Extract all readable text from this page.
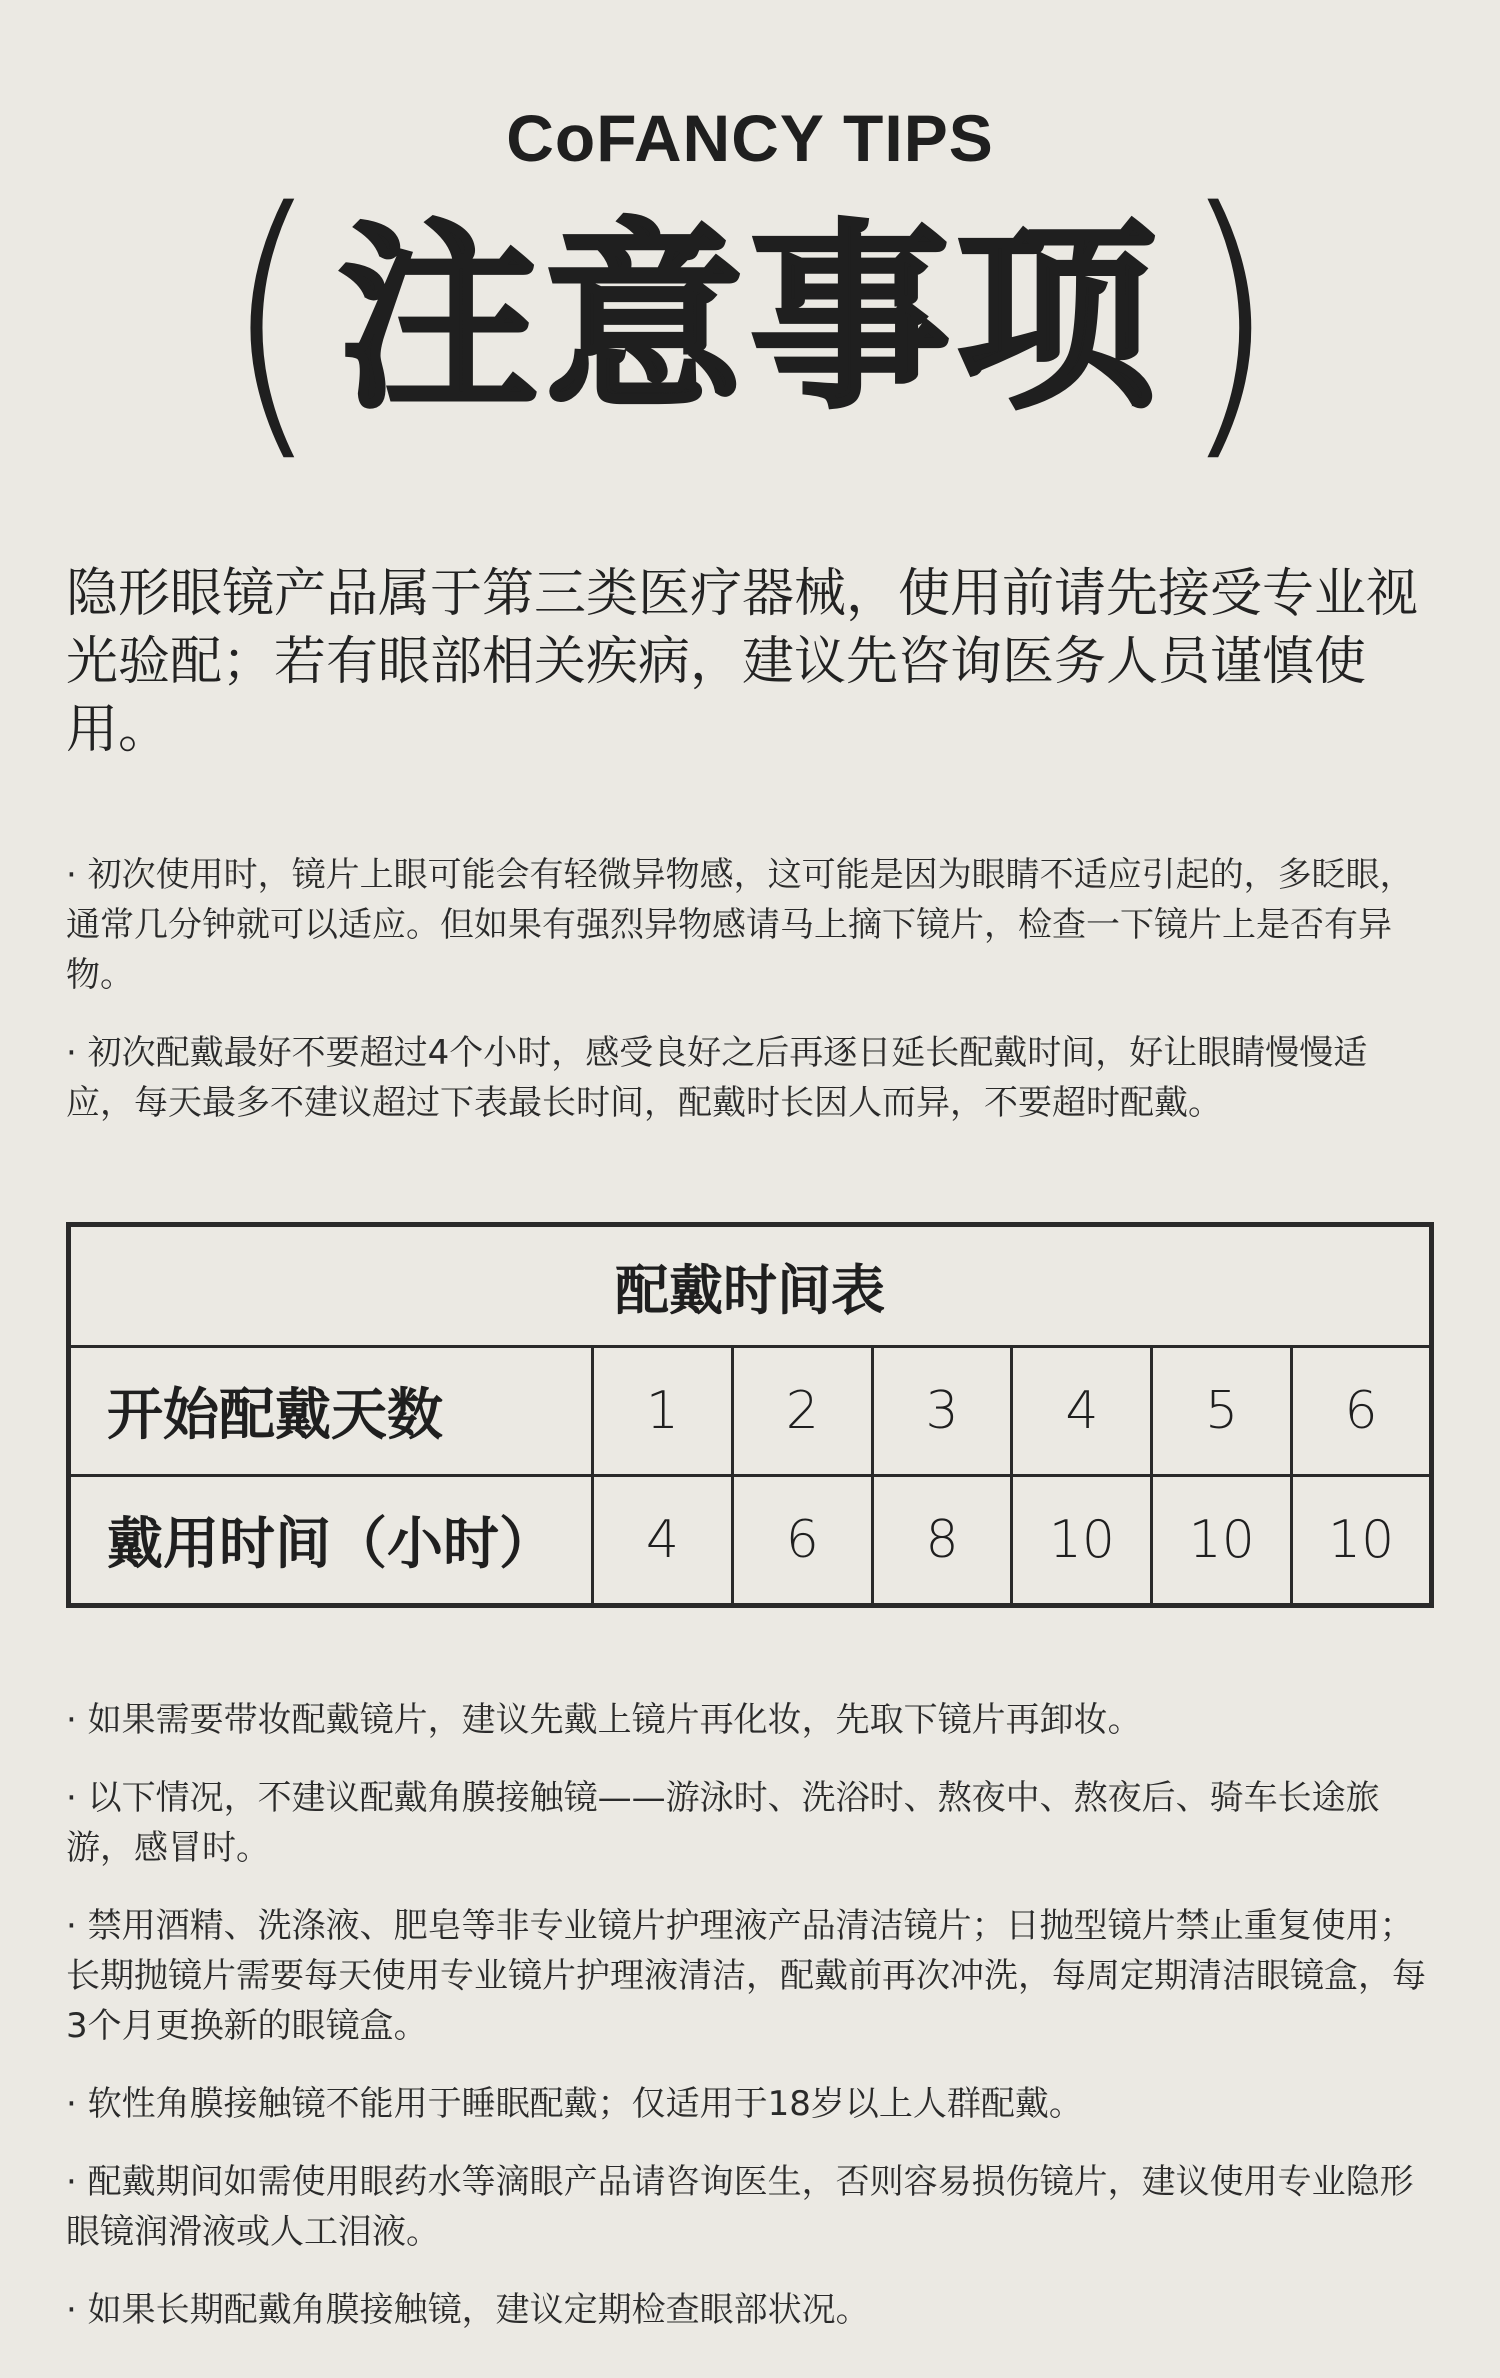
CoFANCY TIPS
( 注意事项 )
隐形眼镜产品属于第三类医疗器械，使用前请先接受专业视光验配；若有眼部相关疾病，建议先咨询医务人员谨慎使用。

· 初次使用时，镜片上眼可能会有轻微异物感，这可能是因为眼睛不适应引起的，多眨眼，通常几分钟就可以适应。但如果有强烈异物感请马上摘下镜片，检查一下镜片上是否有异物。

· 初次配戴最好不要超过4个小时，感受良好之后再逐日延长配戴时间，好让眼睛慢慢适应，每天最多不建议超过下表最长时间，配戴时长因人而异，不要超时配戴。

配戴时间表						
开始配戴天数	1	2	3	4	5	6
戴用时间（小时）	4	6	8	10	10	10

· 如果需要带妆配戴镜片，建议先戴上镜片再化妆，先取下镜片再卸妆。

· 以下情况，不建议配戴角膜接触镜——游泳时、洗浴时、熬夜中、熬夜后、骑车长途旅游，感冒时。

· 禁用酒精、洗涤液、肥皂等非专业镜片护理液产品清洁镜片；日抛型镜片禁止重复使用；长期抛镜片需要每天使用专业镜片护理液清洁，配戴前再次冲洗，每周定期清洁眼镜盒，每3个月更换新的眼镜盒。

· 软性角膜接触镜不能用于睡眠配戴；仅适用于18岁以上人群配戴。

· 配戴期间如需使用眼药水等滴眼产品请咨询医生，否则容易损伤镜片，建议使用专业隐形眼镜润滑液或人工泪液。

· 如果长期配戴角膜接触镜，建议定期检查眼部状况。
